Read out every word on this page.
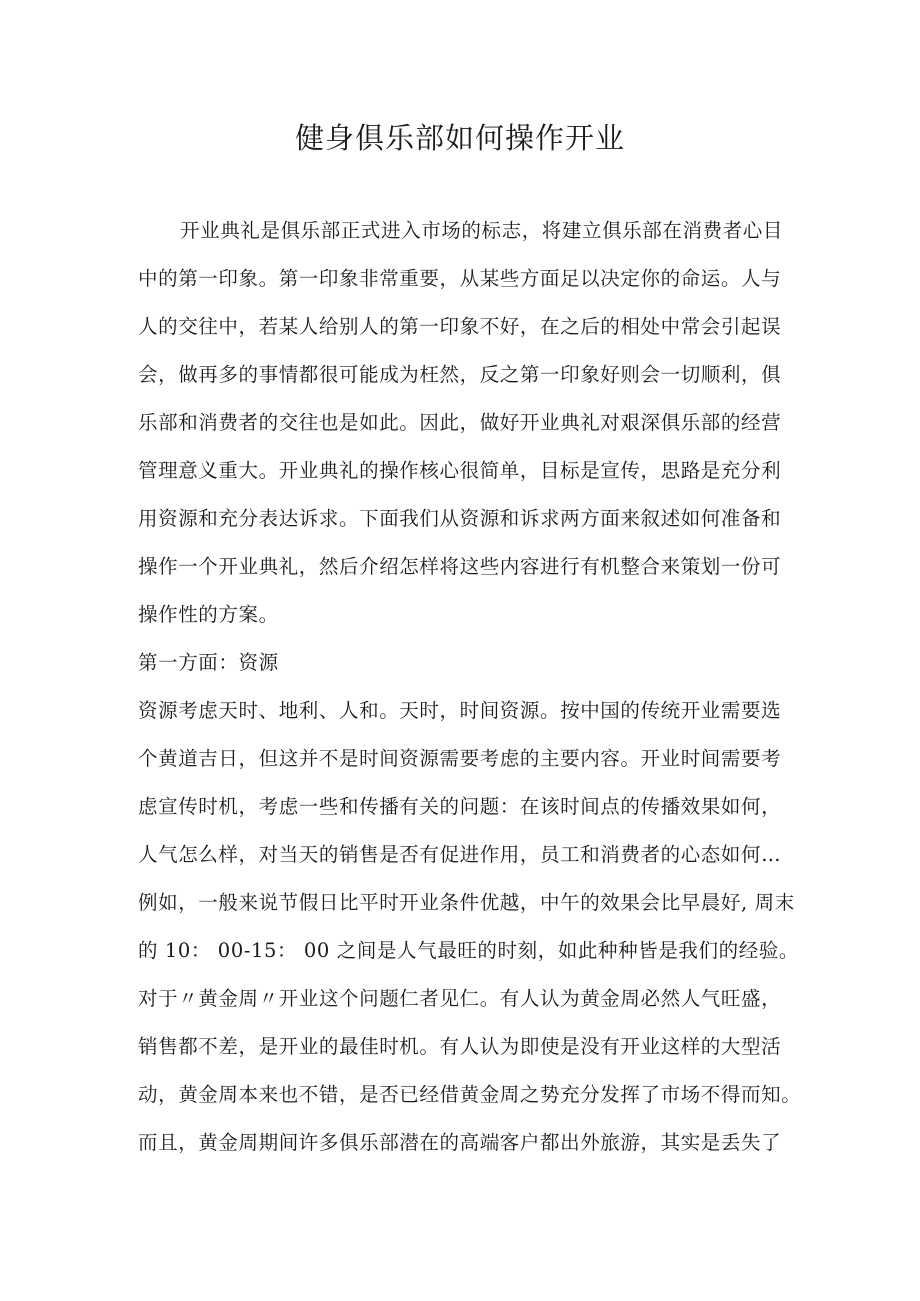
健身俱乐部如何操作开业
开业典礼是俱乐部正式进入市场的标志，将建立俱乐部在消费者心目
中的第一印象。第一印象非常重要，从某些方面足以决定你的命运。人与
人的交往中，若某人给别人的第一印象不好，在之后的相处中常会引起误
会，做再多的事情都很可能成为枉然，反之第一印象好则会一切顺利，俱
乐部和消费者的交往也是如此。因此，做好开业典礼对艰深俱乐部的经营
管理意义重大。开业典礼的操作核心很简单，目标是宣传，思路是充分利
用资源和充分表达诉求。下面我们从资源和诉求两方面来叙述如何准备和
操作一个开业典礼，然后介绍怎样将这些内容进行有机整合来策划一份可
操作性的方案。
第一方面：资源
资源考虑天时、地利、人和。天时，时间资源。按中国的传统开业需要选
个黄道吉日，但这并不是时间资源需要考虑的主要内容。开业时间需要考
虑宣传时机，考虑一些和传播有关的问题：在该时间点的传播效果如何，
人气怎么样，对当天的销售是否有促进作用，员工和消费者的心态如何…
例如，一般来说节假日比平时开业条件优越，中午的效果会比早晨好, 周末
的 10： 00-15： 00 之间是人气最旺的时刻，如此种种皆是我们的经验。
对于〃黄金周〃开业这个问题仁者见仁。有人认为黄金周必然人气旺盛，
销售都不差，是开业的最佳时机。有人认为即使是没有开业这样的大型活
动，黄金周本来也不错，是否已经借黄金周之势充分发挥了市场不得而知。
而且，黄金周期间许多俱乐部潜在的高端客户都出外旅游，其实是丢失了
